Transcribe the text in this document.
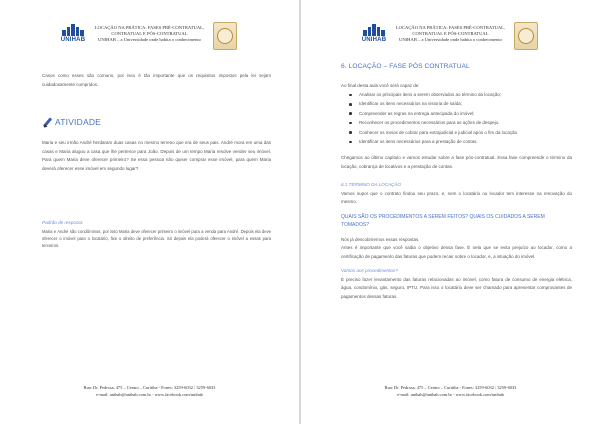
UNIHAB
LOCAÇÃO NA PRÁTICA: FASES PRÉ-CONTRATUAL,
CONTRATUAL E PÓS-CONTRATUAL
UNIHAB – a Universidade onde habita o conhecimento

Casos como esses são comuns, por isso é tão importante que os requisitos impostos pela lei sejam cuidadosamente cumpridos.

ATIVIDADE

Maria e seu irmão André herdaram duas casas no mesmo terreno que era de seus pais. André mora em uma das casas e Maria alugou a casa que lhe pertence para João. Depois de um tempo Maria resolve vender seu imóvel. Para quem Maria deve oferecer primeiro? Se essa pessoa não quiser comprar esse imóvel, para quem Maria deverá oferecer esse imóvel em segundo lugar?

Padrão de resposta:

Maria e André são condôminos, por isso Maria deve oferecer primeiro o imóvel para a venda para André. Depois ela deve oferecer o imóvel para o locatário, fixe o direito de preferência. Só depois ela poderá oferecer o imóvel a essas para terceiros.

Rua: Dr. Pedrosa, 475 – Centro – Curitiba - Fones: 3259-6032 / 3259-6033
e-mail: unihab@unihab.com.br - www.facebook.com/unihab
UNIHAB
LOCAÇÃO NA PRÁTICA: FASES PRÉ-CONTRATUAL,
CONTRATUAL E PÓS-CONTRATUAL
UNIHAB – a Universidade onde habita o conhecimento
6. LOCAÇÃO – FASE PÓS CONTRATUAL

Ao final desta aula você será capaz de:

Analisar os principais itens a serem observados ao término da locação;
Identificar os itens necessários na vistoria de saída;
Compreender as regras na entrega antecipada do imóvel;
Reconhecer os procedimentos necessários para as ações de despejo.
Conhecer os meios de cobrar para extrajudicial e judicial após o fim da locação
Identificar os itens necessários para a prestação de contas.

Chegamos ao último capítulo e vamos estudar sobre a fase pós-contratual. Essa fase compreende o término da locação, cobrança de locativos e a prestação de contas.

6.1 TÉRMINO DA LOCAÇÃO

Vamos supor que o contrato findou seu prazo, e, nem o locatário ou locador tem interesse na renovação do mesmo.

QUAIS SÃO OS PROCEDIMENTOS A SEREM FEITOS? QUAIS OS CUIDADOS A SEREM TOMADOS?

Nós já descobriremos essas respostas.

Antes é importante que você saiba o objetivo dessa fase. É nela que se evita prejuízo ao locador, como a certificação de pagamento das faturas que podem recair sobre o locador, e, a situação do imóvel.

Vamos aos procedimentos?

É preciso fazer levantamento das faturas relacionadas ao imóvel, como fatura de consumo de energia elétrica, água, condomínio, gás, seguro, IPTU. Para isso o locatário deve ser chamado para apresentar comprovantes de pagamentos dessas faturas.

Rua: Dr. Pedrosa, 475 – Centro – Curitiba - Fones: 3259-6032 / 3259-6033
e-mail: unihab@unihab.com.br - www.facebook.com/unihab
